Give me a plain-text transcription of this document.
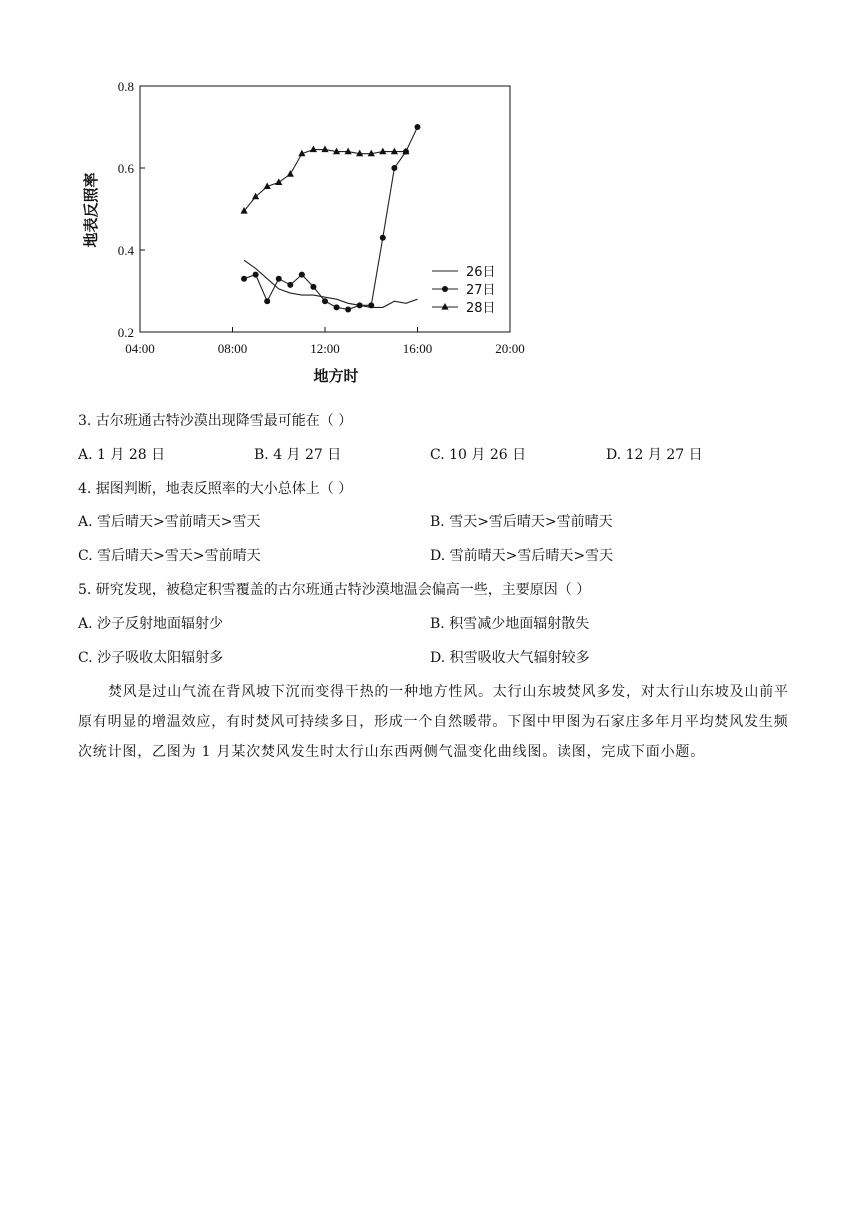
地表反照率
地方时
0.2
0.4
0.6
0.8
04:00	08:00	12:00	16:00	20:00
26日
27日
28日
3. 古尔班通古特沙漠出现降雪最可能在（ ）
A. 1 月 28 日	B. 4 月 27 日	C. 10 月 26 日	D. 12 月 27 日
4. 据图判断，地表反照率的大小总体上（ ）
A. 雪后晴天>雪前晴天>雪天	B. 雪天>雪后晴天>雪前晴天
C. 雪后晴天>雪天>雪前晴天	D. 雪前晴天>雪后晴天>雪天
5. 研究发现，被稳定积雪覆盖的古尔班通古特沙漠地温会偏高一些，主要原因（ ）
A. 沙子反射地面辐射少	B. 积雪减少地面辐射散失
C. 沙子吸收太阳辐射多	D. 积雪吸收大气辐射较多
焚风是过山气流在背风坡下沉而变得干热的一种地方性风。太行山东坡焚风多发，对太行山东坡及山前平原有明显的增温效应，有时焚风可持续多日，形成一个自然暖带。下图中甲图为石家庄多年月平均焚风发生频次统计图，乙图为 1 月某次焚风发生时太行山东西两侧气温变化曲线图。读图，完成下面小题。
